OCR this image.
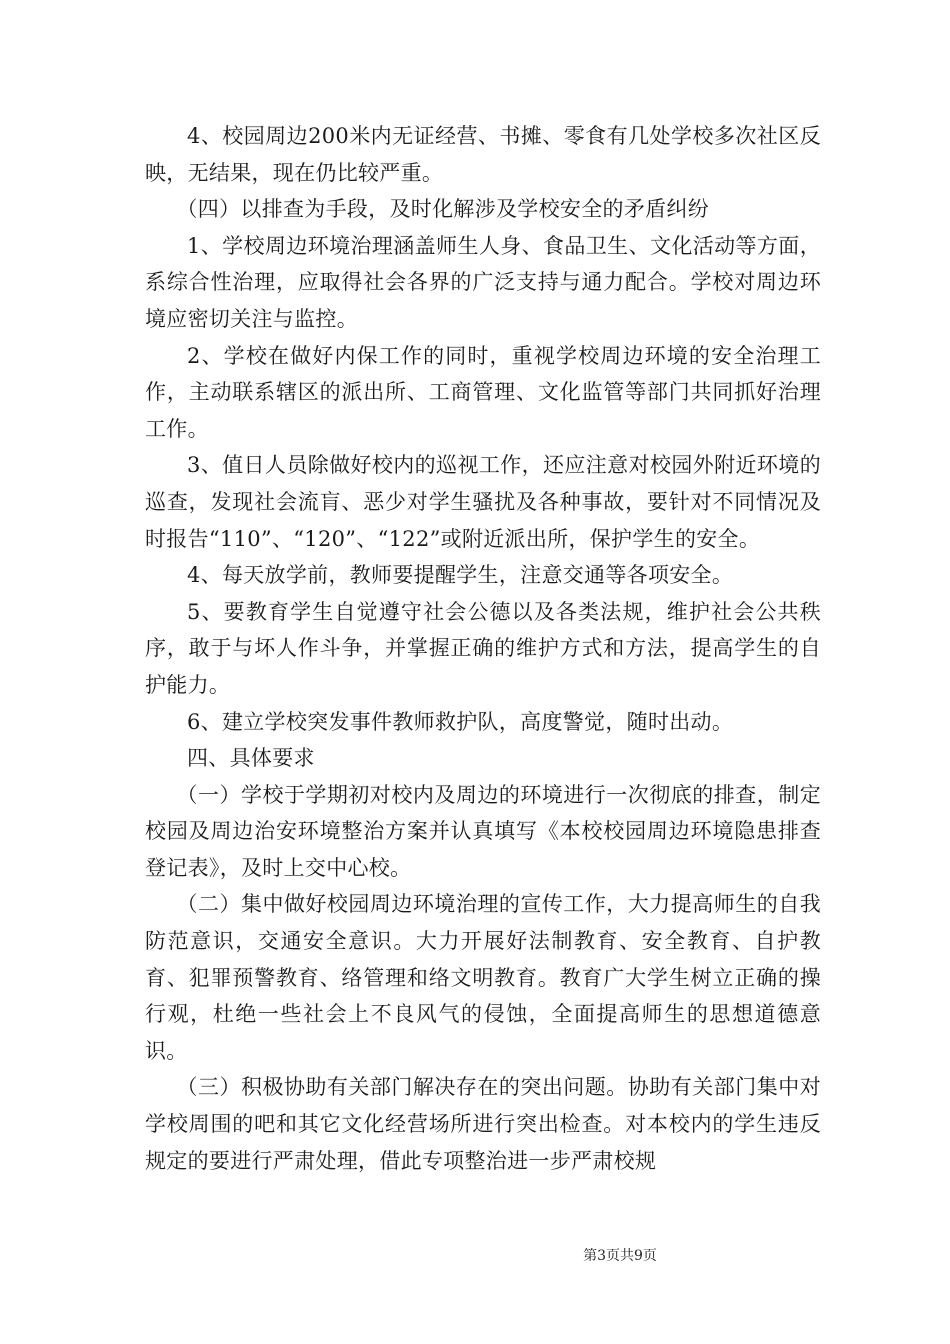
4、校园周边200米内无证经营、书摊、零食有几处学校多次社区反映，无结果，现在仍比较严重。

（四）以排查为手段，及时化解涉及学校安全的矛盾纠纷

1、学校周边环境治理涵盖师生人身、食品卫生、文化活动等方面，系综合性治理，应取得社会各界的广泛支持与通力配合。学校对周边环境应密切关注与监控。

2、学校在做好内保工作的同时，重视学校周边环境的安全治理工作，主动联系辖区的派出所、工商管理、文化监管等部门共同抓好治理工作。

3、值日人员除做好校内的巡视工作，还应注意对校园外附近环境的巡查，发现社会流肓、恶少对学生骚扰及各种事故，要针对不同情况及时报告“110”、“120”、“122”或附近派出所，保护学生的安全。

4、每天放学前，教师要提醒学生，注意交通等各项安全。

5、要教育学生自觉遵守社会公德以及各类法规，维护社会公共秩序，敢于与坏人作斗争，并掌握正确的维护方式和方法，提高学生的自护能力。

6、建立学校突发事件教师救护队，高度警觉，随时出动。

四、具体要求

（一）学校于学期初对校内及周边的环境进行一次彻底的排查，制定校园及周边治安环境整治方案并认真填写《本校校园周边环境隐患排查登记表》，及时上交中心校。

（二）集中做好校园周边环境治理的宣传工作，大力提高师生的自我防范意识，交通安全意识。大力开展好法制教育、安全教育、自护教育、犯罪预警教育、络管理和络文明教育。教育广大学生树立正确的操行观，杜绝一些社会上不良风气的侵蚀，全面提高师生的思想道德意识。

（三）积极协助有关部门解决存在的突出问题。协助有关部门集中对学校周围的吧和其它文化经营场所进行突出检查。对本校内的学生违反规定的要进行严肃处理，借此专项整治进一步严肃校规

第3页共9页
